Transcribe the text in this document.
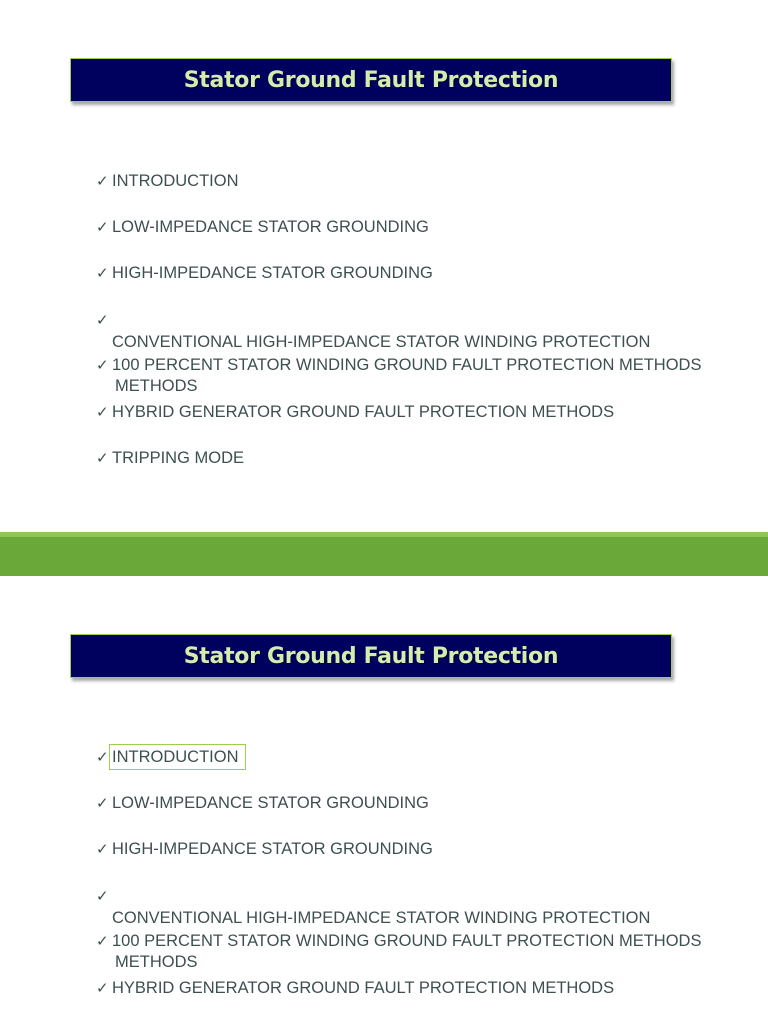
Stator Ground Fault Protection
✓ INTRODUCTION
✓ LOW-IMPEDANCE STATOR GROUNDING
✓ HIGH-IMPEDANCE STATOR GROUNDING
✓

CONVENTIONAL HIGH-IMPEDANCE STATOR WINDING PROTECTION

METHODS

✓ 100 PERCENT STATOR WINDING GROUND FAULT PROTECTION METHODS
✓ HYBRID GENERATOR GROUND FAULT PROTECTION METHODS
✓ TRIPPING MODE
Stator Ground Fault Protection
✓ INTRODUCTION
✓ LOW-IMPEDANCE STATOR GROUNDING
✓ HIGH-IMPEDANCE STATOR GROUNDING
✓

CONVENTIONAL HIGH-IMPEDANCE STATOR WINDING PROTECTION

METHODS

✓ 100 PERCENT STATOR WINDING GROUND FAULT PROTECTION METHODS
✓ HYBRID GENERATOR GROUND FAULT PROTECTION METHODS
